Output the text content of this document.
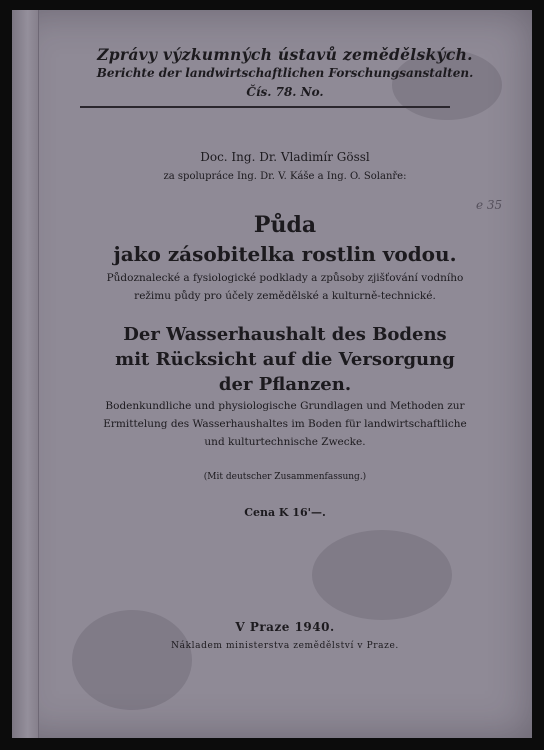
Zprávy výzkumných ústavů zemědělských.
Berichte der landwirtschaftlichen Forschungsanstalten.
Čís. 78. No.
Doc. Ing. Dr. Vladimír Gössl
za spolupráce Ing. Dr. V. Káše a Ing. O. Solanře:
Půda
jako zásobitelka rostlin vodou.
Půdoznalecké a fysiologické podklady a způsoby zjišťování vodního
režimu půdy pro účely zemědělské a kulturně-technické.
Der Wasserhaushalt des Bodens
mit Rücksicht auf die Versorgung
der Pflanzen.
Bodenkundliche und physiologische Grundlagen und Methoden zur
Ermittelung des Wasserhaushaltes im Boden für landwirtschaftliche
und kulturtechnische Zwecke.
(Mit deutscher Zusammenfassung.)
Cena K 16'—.
V Praze 1940.
Nákladem ministerstva zemědělství v Praze.
e 35
